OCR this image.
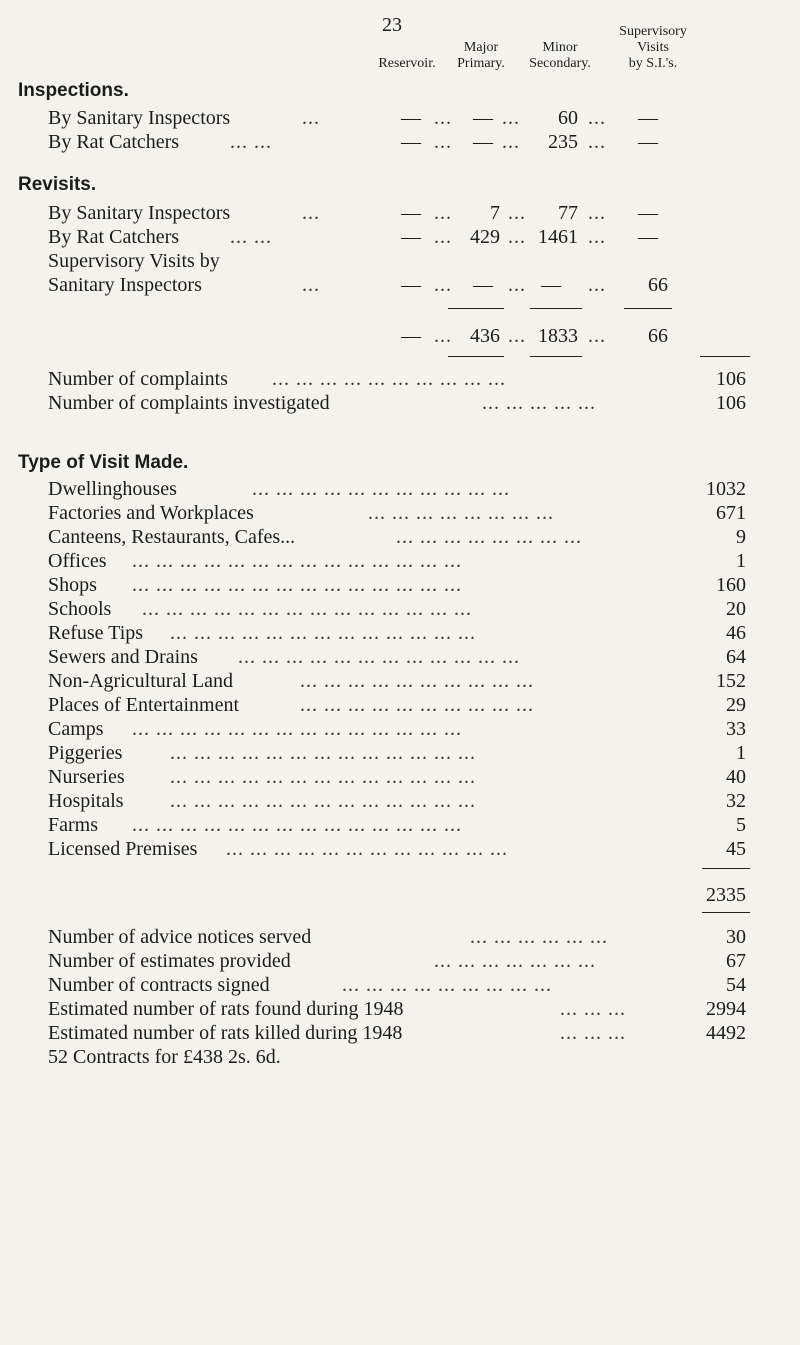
23
Reservoir.
Major
Primary.
Minor
Secondary.
Supervisory
Visits
by S.I.'s.
Inspections.
By Sanitary Inspectors	...	— ... — ...	60 ...	—
By Rat Catchers	... ...	— ... — ...	235 ...	—
Revisits.
By Sanitary Inspectors	...	— ...	7 ...	77 ...	—
By Rat Catchers	... ...	— ... 429 ... 1461 ...	—
Supervisory Visits by
Sanitary Inspectors	...	— ... — ... — ...	66
— ... 436 ... 1833 ...	66
Number of complaints ... ... ... ... ... ... ... ... ... ...	106
Number of complaints investigated	... ... ... ... ...	106
Type of Visit Made.
Dwellinghouses	... ... ... ... ... ... ... ... ... ... ...	1032
Factories and Workplaces	... ... ... ... ... ... ... ...	671
Canteens, Restaurants, Cafes...	... ... ... ... ... ... ... ...	9
Offices ... ... ... ... ... ... ... ... ... ... ... ... ... ...	1
Shops ... ... ... ... ... ... ... ... ... ... ... ... ... ...	160
Schools ... ... ... ... ... ... ... ... ... ... ... ... ... ...	20
Refuse Tips ... ... ... ... ... ... ... ... ... ... ... ... ...	46
Sewers and Drains ... ... ... ... ... ... ... ... ... ... ... ...	64
Non-Agricultural Land	... ... ... ... ... ... ... ... ... ...	152
Places of Entertainment	... ... ... ... ... ... ... ... ... ...	29
Camps ... ... ... ... ... ... ... ... ... ... ... ... ... ...	33
Piggeries ... ... ... ... ... ... ... ... ... ... ... ... ...	1
Nurseries ... ... ... ... ... ... ... ... ... ... ... ... ...	40
Hospitals ... ... ... ... ... ... ... ... ... ... ... ... ...	32
Farms ... ... ... ... ... ... ... ... ... ... ... ... ... ...	5
Licensed Premises ... ... ... ... ... ... ... ... ... ... ... ...	45
2335
Number of advice notices served	... ... ... ... ... ...	30
Number of estimates provided	... ... ... ... ... ... ...	67
Number of contracts signed	... ... ... ... ... ... ... ... ...	54
Estimated number of rats found during 1948	... ... ...	2994
Estimated number of rats killed during 1948	... ... ...	4492
52 Contracts for £438 2s. 6d.
